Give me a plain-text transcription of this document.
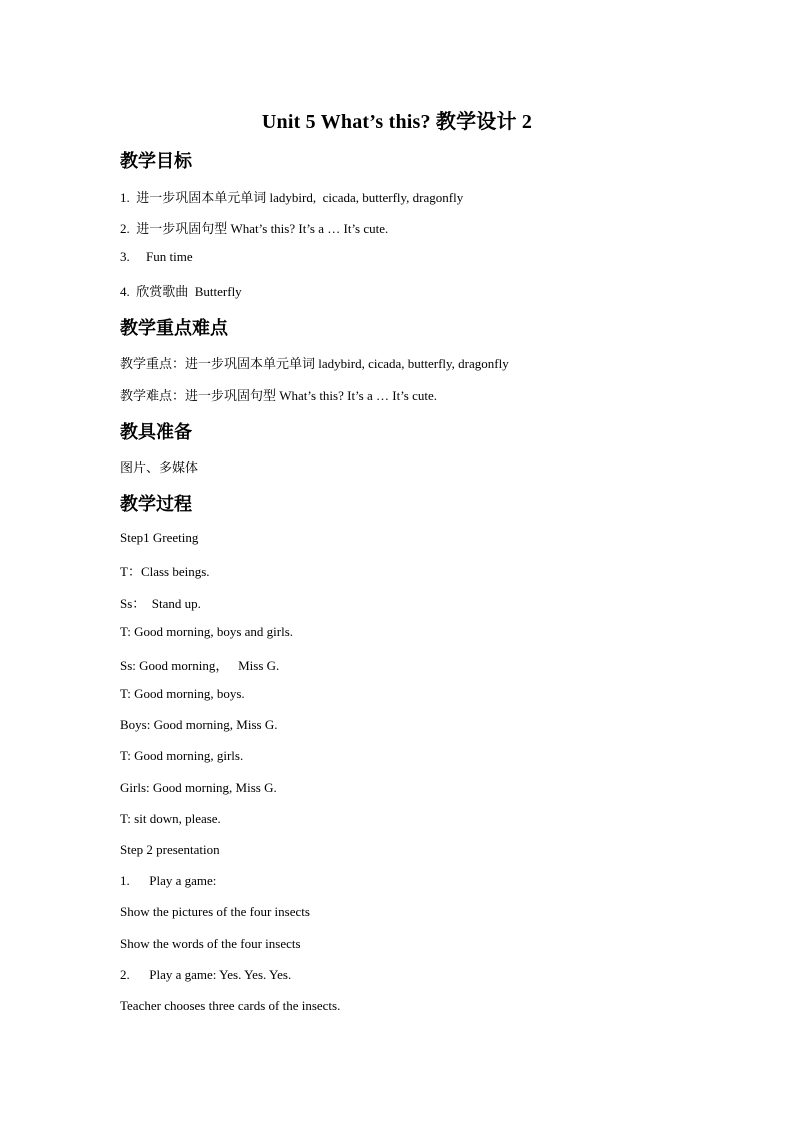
Unit 5 What’s this? 教学设计 2
教学目标
1.  进一步巩固本单元单词 ladybird,  cicada, butterfly, dragonfly
2.  进一步巩固句型 What’s this? It’s a … It’s cute.
3.     Fun time
4.  欣赏歌曲  Butterfly
教学重点难点
教学重点：进一步巩固本单元单词 ladybird, cicada, butterfly, dragonfly
教学难点：进一步巩固句型 What’s this? It’s a … It’s cute.
教具准备
图片、多媒体
教学过程
Step1 Greeting
T：Class beings.
Ss：  Stand up.
T: Good morning, boys and girls.
Ss: Good morning，   Miss G.
T: Good morning, boys.
Boys: Good morning, Miss G.
T: Good morning, girls.
Girls: Good morning, Miss G.
T: sit down, please.
Step 2 presentation
1.      Play a game:
Show the pictures of the four insects
Show the words of the four insects
2.      Play a game: Yes. Yes. Yes.
Teacher chooses three cards of the insects.
